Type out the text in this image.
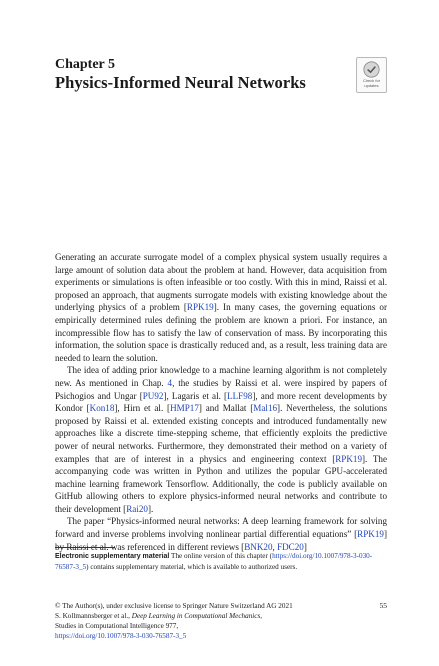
Chapter 5
Physics-Informed Neural Networks	Check for
updates

Generating an accurate surrogate model of a complex physical system usually requires a large amount of solution data about the problem at hand. However, data acquisition from experiments or simulations is often infeasible or too costly. With this in mind, Raissi et al. proposed an approach, that augments surrogate models with existing knowledge about the underlying physics of a problem [RPK19]. In many cases, the governing equations or empirically determined rules defining the problem are known a priori. For instance, an incompressible flow has to satisfy the law of conservation of mass. By incorporating this information, the solution space is drastically reduced and, as a result, less training data are needed to learn the solution.

The idea of adding prior knowledge to a machine learning algorithm is not completely new. As mentioned in Chap. 4, the studies by Raissi et al. were inspired by papers of Psichogios and Ungar [PU92], Lagaris et al. [LLF98], and more recent developments by Kondor [Kon18], Hirn et al. [HMP17] and Mallat [Mal16]. Nevertheless, the solutions proposed by Raissi et al. extended existing concepts and introduced fundamentally new approaches like a discrete time-stepping scheme, that efficiently exploits the predictive power of neural networks. Furthermore, they demonstrated their method on a variety of examples that are of interest in a physics and engineering context [RPK19]. The accompanying code was written in Python and utilizes the popular GPU-accelerated machine learning framework Tensorflow. Additionally, the code is publicly available on GitHub allowing others to explore physics-informed neural networks and contribute to their development [Rai20].

The paper “Physics-informed neural networks: A deep learning framework for solving forward and inverse problems involving nonlinear partial differential equations” [RPK19] by Raissi et al. was referenced in different reviews [BNK20, FDC20]

Electronic supplementary material The online version of this chapter (https://doi.org/10.1007/978-3-030-76587-3_5) contains supplementary material, which is available to authorized users.
© The Author(s), under exclusive license to Springer Nature Switzerland AG 2021
S. Kollmannsberger et al., Deep Learning in Computational Mechanics,
Studies in Computational Intelligence 977,
https://doi.org/10.1007/978-3-030-76587-3_5
55
